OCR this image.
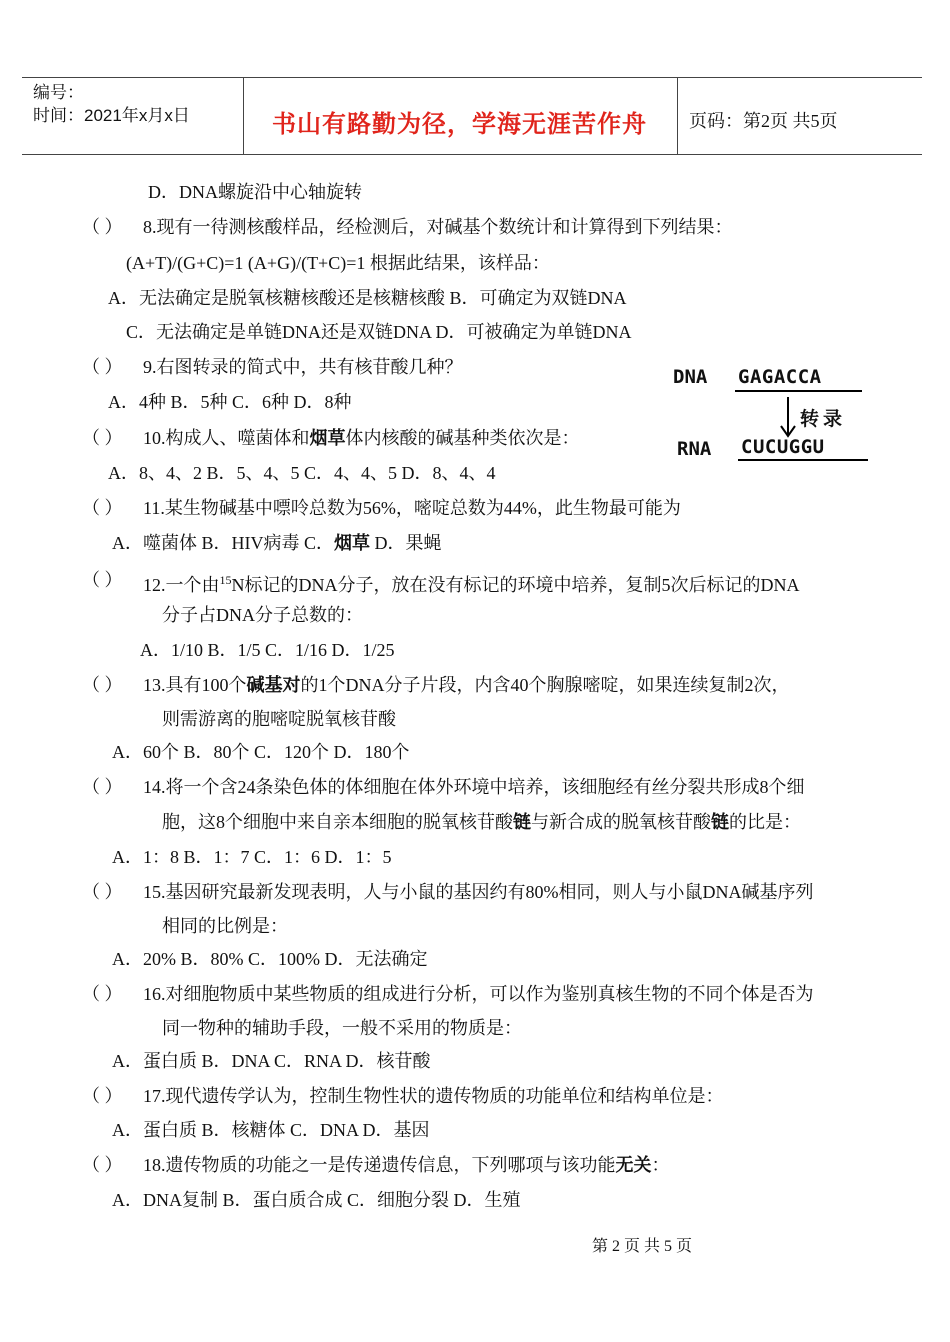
编号：
时间：2021年x月x日	书山有路勤为径，学海无涯苦作舟 页码：第2页 共5页
D．DNA螺旋沿中心轴旋转
（ ） 8.现有一待测核酸样品，经检测后，对碱基个数统计和计算得到下列结果：
(A+T)/(G+C)=1 (A+G)/(T+C)=1 根据此结果，该样品：
A．无法确定是脱氧核糖核酸还是核糖核酸 B．可确定为双链DNA
C．无法确定是单链DNA还是双链DNA D．可被确定为单链DNA
（ ） 9.右图转录的简式中，共有核苷酸几种？
A．4种 B．5种 C．6种 D．8种
DNA GAGACCA
转录
RNA CUCUGGU
（ ） 10.构成人、噬菌体和烟草体内核酸的碱基种类依次是：
A．8、4、2 B．5、4、5 C．4、4、5 D．8、4、4
（ ） 11.某生物碱基中嘌呤总数为56%，嘧啶总数为44%，此生物最可能为
A．噬菌体 B．HIV病毒 C．烟草 D．果蝇
（ ） 12.一个由$^{15}$N标记的DNA分子，放在没有标记的环境中培养，复制5次后标记的DNA
分子占DNA分子总数的：
A．1/10 B．1/5 C．1/16 D．1/25
（ ） 13.具有100个碱基对的1个DNA分子片段，内含40个胸腺嘧啶，如果连续复制2次，
则需游离的胞嘧啶脱氧核苷酸
A．60个 B．80个 C．120个 D．180个
（ ） 14.将一个含24条染色体的体细胞在体外环境中培养，该细胞经有丝分裂共形成8个细
胞，这8个细胞中来自亲本细胞的脱氧核苷酸链与新合成的脱氧核苷酸链的比是：
A．1：8 B．1：7 C．1：6 D．1：5
（ ） 15.基因研究最新发现表明，人与小鼠的基因约有80%相同，则人与小鼠DNA碱基序列
相同的比例是：
A．20% B．80% C．100% D．无法确定
（ ） 16.对细胞物质中某些物质的组成进行分析，可以作为鉴别真核生物的不同个体是否为
同一物种的辅助手段，一般不采用的物质是：
A．蛋白质 B．DNA C．RNA D．核苷酸
（ ） 17.现代遗传学认为，控制生物性状的遗传物质的功能单位和结构单位是：
A．蛋白质 B．核糖体 C．DNA D．基因
（ ） 18.遗传物质的功能之一是传递遗传信息，下列哪项与该功能无关：
A．DNA复制 B．蛋白质合成 C．细胞分裂 D．生殖
第 2 页 共 5 页
